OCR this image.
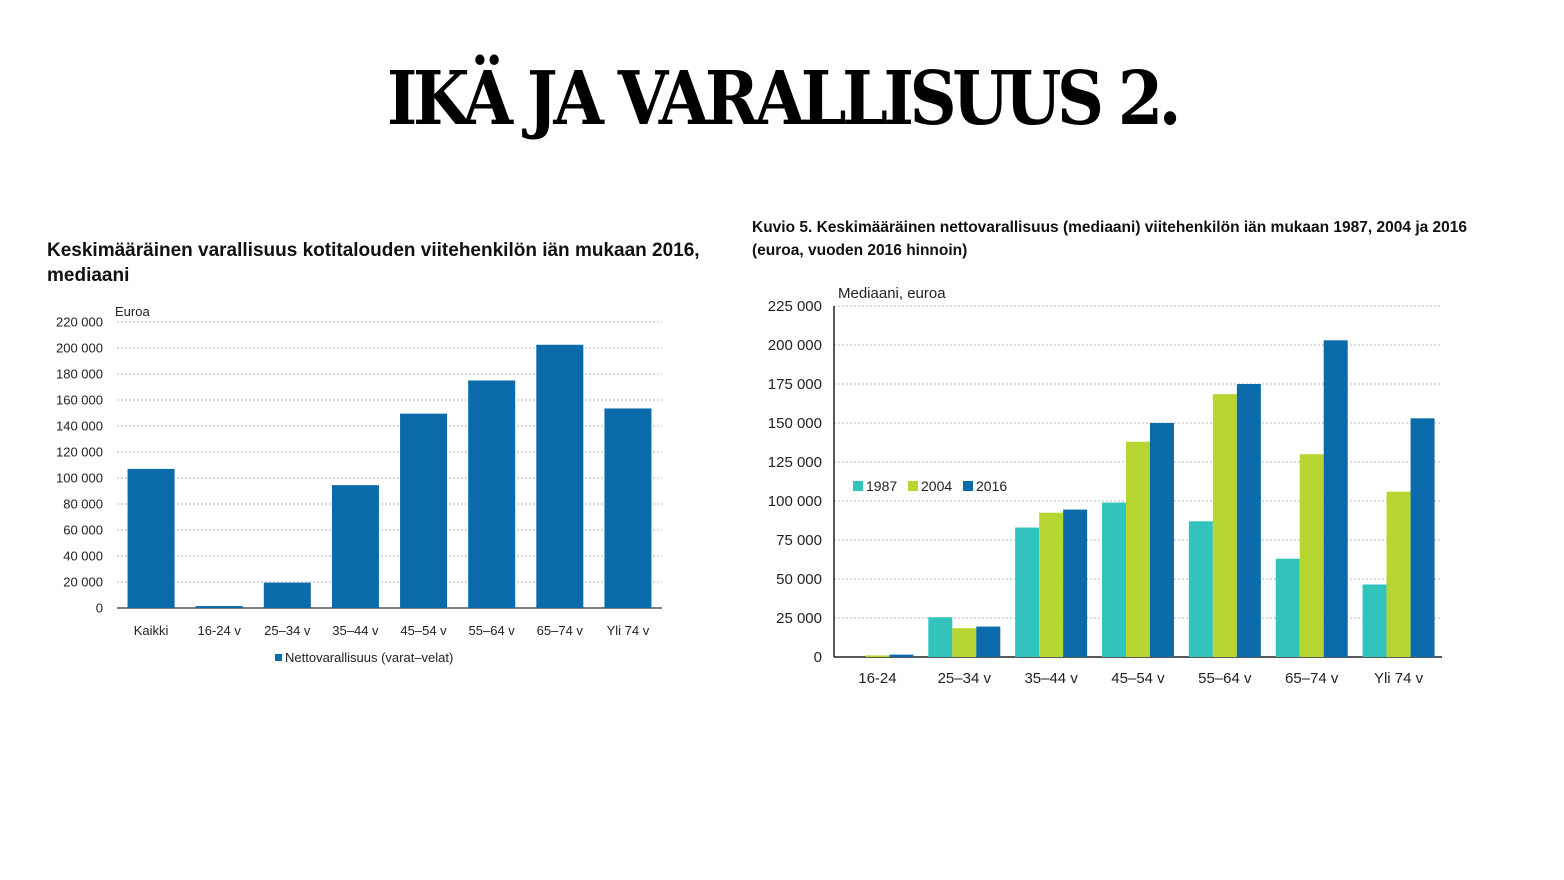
IKÄ JA VARALLISUUS 2.
Keskimääräinen varallisuus kotitalouden viitehenkilön iän mukaan 2016, mediaani
Kuvio 5. Keskimääräinen nettovarallisuus (mediaani) viitehenkilön iän mukaan 1987, 2004 ja 2016 (euroa, vuoden 2016 hinnoin)
220 000
200 000
180 000
160 000
140 000
120 000
100 000
80 000
60 000
40 000
20 000
0
Euroa
Kaikki 16-24 v 25–34 v 35–44 v 45–54 v 55–64 v 65–74 v Yli 74 v
Nettovarallisuus (varat–velat)
225 000
200 000
175 000
150 000
125 000
100 000
75 000
50 000
25 000
0
Mediaani, euroa
16-24	25–34 v 35–44 v 45–54 v 55–64 v 65–74 v Yli 74 v
1987 2004 2016
